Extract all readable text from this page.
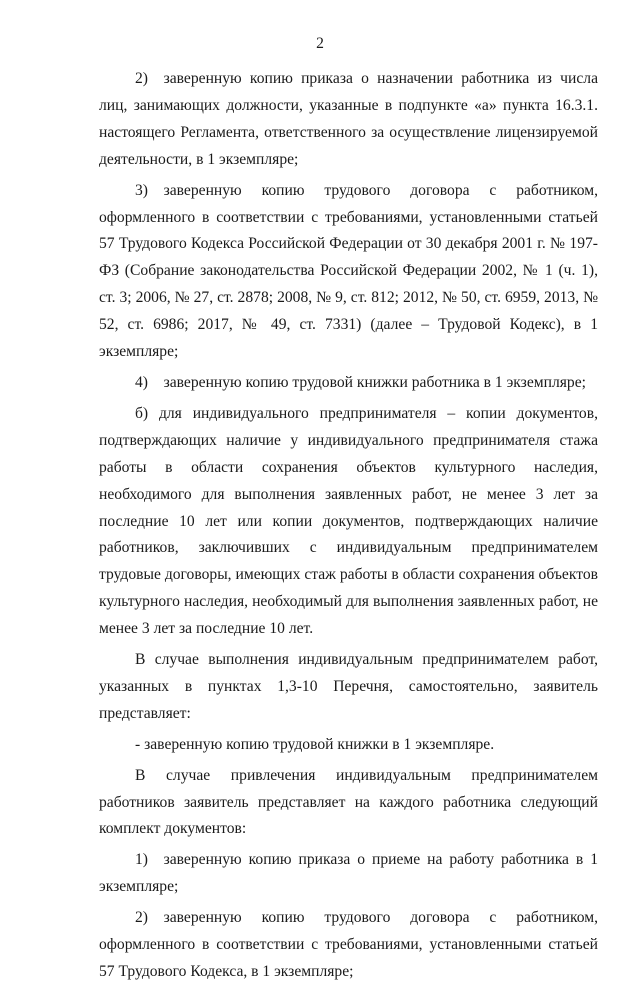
2

2) заверенную копию приказа о назначении работника из числа лиц, занимающих должности, указанные в подпункте «а» пункта 16.3.1. настоящего Регламента, ответственного за осуществление лицензируемой деятельности, в 1 экземпляре;

3) заверенную копию трудового договора с работником, оформленного в соответствии с требованиями, установленными статьей 57 Трудового Кодекса Российской Федерации от 30 декабря 2001 г. № 197-ФЗ (Собрание законодательства Российской Федерации 2002, № 1 (ч. 1), ст. 3; 2006, № 27, ст. 2878; 2008, № 9, ст. 812; 2012, № 50, ст. 6959, 2013, № 52, ст. 6986; 2017, № 49, ст. 7331) (далее – Трудовой Кодекс), в 1 экземпляре;

4) заверенную копию трудовой книжки работника в 1 экземпляре;

б) для индивидуального предпринимателя – копии документов, подтверждающих наличие у индивидуального предпринимателя стажа работы в области сохранения объектов культурного наследия, необходимого для выполнения заявленных работ, не менее 3 лет за последние 10 лет или копии документов, подтверждающих наличие работников, заключивших с индивидуальным предпринимателем трудовые договоры, имеющих стаж работы в области сохранения объектов культурного наследия, необходимый для выполнения заявленных работ, не менее 3 лет за последние 10 лет.

В случае выполнения индивидуальным предпринимателем работ, указанных в пунктах 1,3-10 Перечня, самостоятельно, заявитель представляет:

- заверенную копию трудовой книжки в 1 экземпляре.

В случае привлечения индивидуальным предпринимателем работников заявитель представляет на каждого работника следующий комплект документов:

1) заверенную копию приказа о приеме на работу работника в 1 экземпляре;

2) заверенную копию трудового договора с работником, оформленного в соответствии с требованиями, установленными статьей 57 Трудового Кодекса, в 1 экземпляре;
